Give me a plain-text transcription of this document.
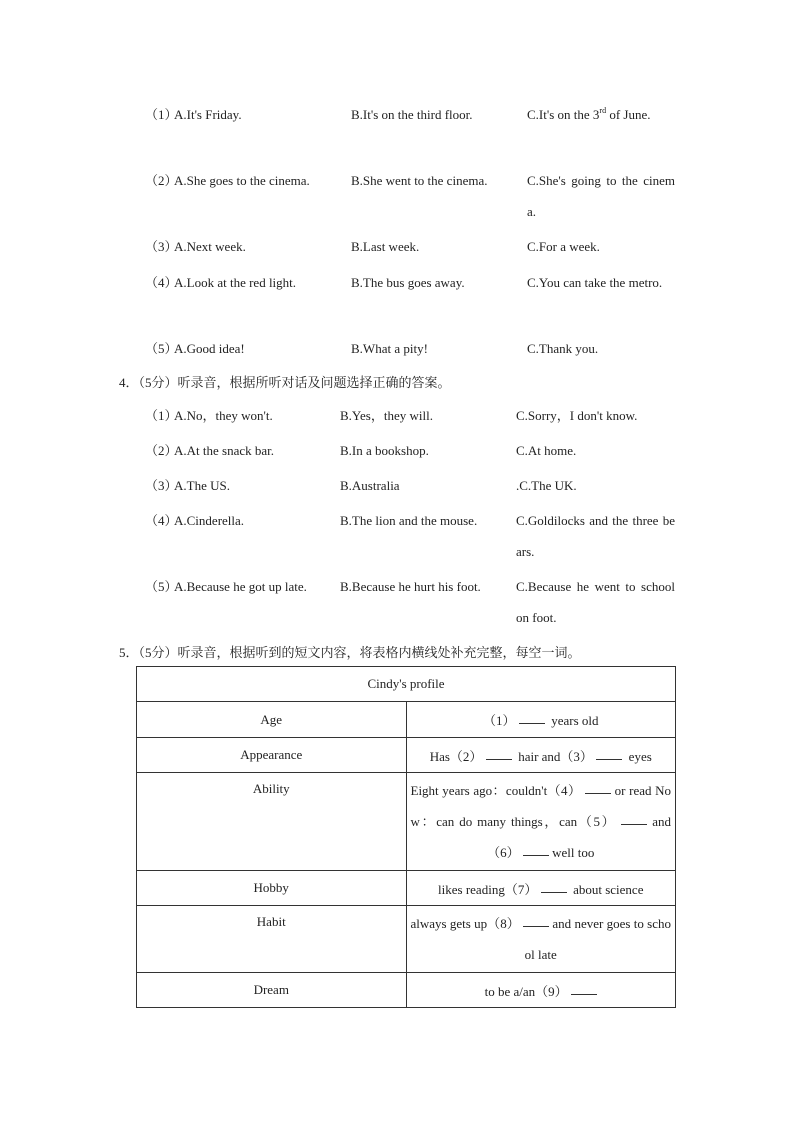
（1）
A.It's Friday.	B.It's on the third floor.	C.It's on the 3rd of June.
（2）
A.She goes to the cinema.	B.She went to the cinema.	C.She's going to the cinema.
（3）
A.Next week.	B.Last week.	C.For a week.
（4）
A.Look at the red light.	B.The bus goes away.	C.You can take the metro.
（5）
A.Good idea!	B.What a pity!	C.Thank you.
4．（5分）听录音，根据所听对话及问题选择正确的答案。
（1）
A.No，they won't.	B.Yes，they will.	C.Sorry，I don't know.
（2）
A.At the snack bar.	B.In a bookshop.	C.At home.
（3）
A.The US.	B.Australia	.C.The UK.
（4）
A.Cinderella.	B.The lion and the mouse.	C.Goldilocks and the three bears.
（5）
A.Because he got up late.	B.Because he hurt his foot.	C.Because he went to school on foot.
5．（5分）听录音，根据听到的短文内容，将表格内横线处补充完整，每空一词。
Cindy's profile	
Age	（1） years old
Appearance	Has（2） hair and（3） eyes
Ability	Eight years ago：couldn't（4） or read Now：can do many things，can（5） and（6） well too

Hobby	likes reading（7） about science
Habit	always gets up（8） and never goes to school late

Dream	to be a/an（9）
